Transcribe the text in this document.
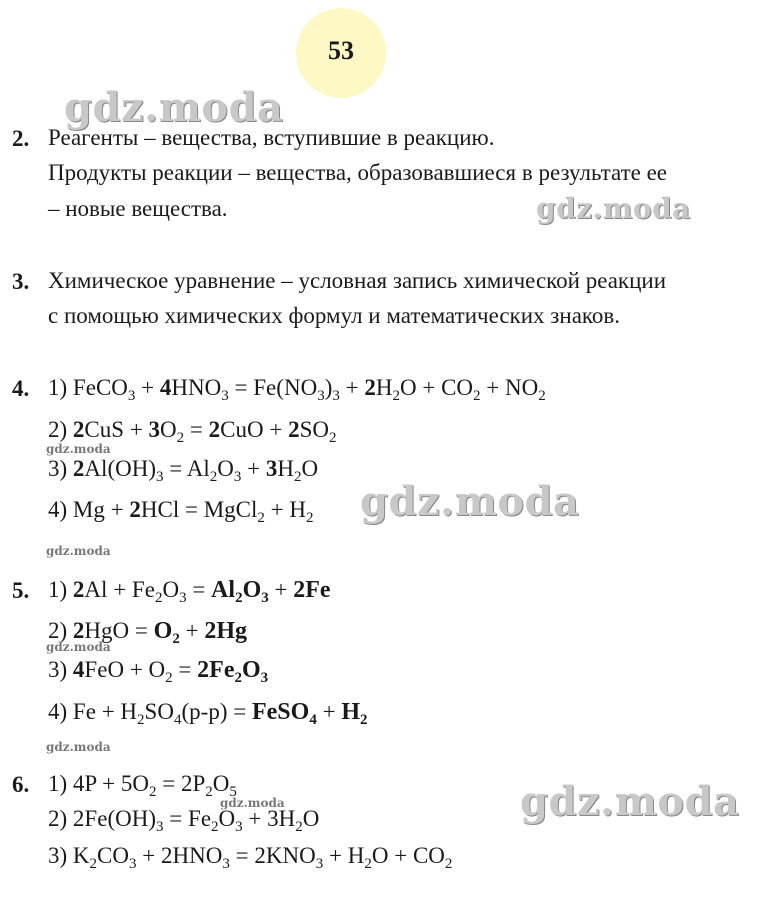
53
gdz.moda
2. Реагенты – вещества, вступившие в реакцию.
Продукты реакции – вещества, образовавшиеся в результате ее
– новые вещества.	gdz.moda
3. Химическое уравнение – условная запись химической реакции
с помощью химических формул и математических знаков.
4. 1) FeCO$_3$ + $4HNO_3 = Fe(NO_3)_3 + 2H_2O + CO_2 + NO_2$
2) $2CuS + 3O_2 = 2CuO + 2SO_2$
gdz.moda
3) $2Al(OH)_3 = Al_2O_3 + 3H_2O$
4) Mg + 2HCl = MgCl$_2$ + $H_2$ gdz.moda
gdz.moda
5. 1) $2Al + Fe_2O_3 = Al_2O_3 + 2Fe$
2) $2HgO = O_2 + 2Hg$
gdz.moda
3) $4FeO + O_2 = 2Fe_2O_3$
4) $Fe + H_2SO_4(р-р)$ = FeSO$_4$ + $H_2$
gdz.moda
6. 1) $4P + 5O_2 = 2P_2O_5$
gdz.moda
2) $2Fe(OH)_3 = Fe_2O_3 + 3H_2O$	gdz.moda
3) $K_2CO_3 + 2HNO_3 = 2KNO_3 + H_2O + CO_2$
